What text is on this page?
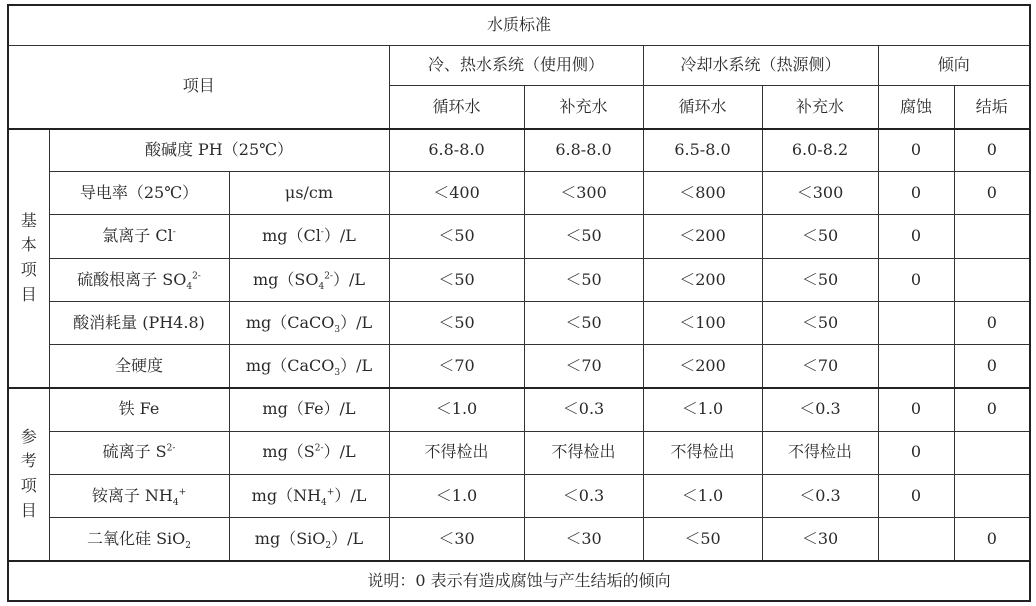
水质标准								
项目			冷、热水系统（使用侧）		冷却水系统（热源侧）		倾向	
			循环水	补充水	循环水	补充水	腐蚀	结垢

基
本
项
目	酸碱度 PH（25℃）		6.8-8.0	6.8-8.0	6.5-8.0	6.0-8.2	0	0
	导电率（25℃）	μs/cm	＜400	＜300	＜800	＜300	0	0
	氯离子 Cl-	mg（Cl-）/L	＜50	＜50	＜200	＜50	0	
	硫酸根离子 $SO_4^{2-}$	$mg(SO_4^{2-})/L$	＜50	＜50	＜200	＜50	0	
	酸消耗量 (PH4.8)	mg（CaCO$_3$）/L	＜50	＜50	＜100	＜50		0
	全硬度	mg（CaCO$_3$）/L	＜70	＜70	＜200	＜70		0

参
考
项
目	铁 Fe	mg（Fe）/L	＜1.0	＜0.3	＜1.0	＜0.3	0	0
	硫离子 $S^{2-}$	$mg(S^{2-})/L$	不得检出	不得检出	不得检出	不得检出	0	
	铵离子 $NH_4^+$	$mg(NH_4^+)/L$	＜1.0	＜0.3	＜1.0	＜0.3	0	
	二氧化硅 SiO$_2$	mg（SiO$_2$）/L	＜30	＜30	＜50	＜30		0
说明：0 表示有造成腐蚀与产生结垢的倾向								
